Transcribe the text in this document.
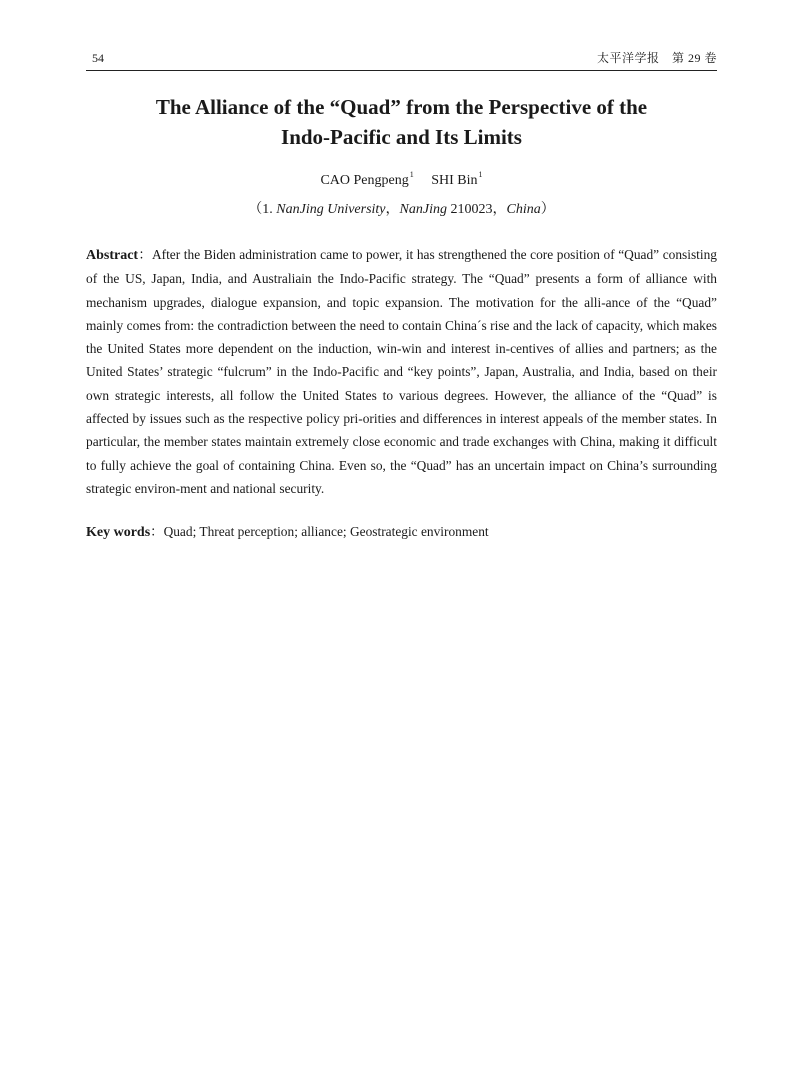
54	太平洋学报　第 29 卷
The Alliance of the “Quad” from the Perspective of the
Indo-Pacific and Its Limits
CAO Pengpeng$^1$ SHI Bin$^1$
（1. NanJing University，NanJing 210023，China）
Abstract：After the Biden administration came to power, it has strengthened the core position of “Quad” consisting of the US, Japan, India, and Australiain the Indo-Pacific strategy. The “Quad” presents a form of alliance with mechanism upgrades, dialogue expansion, and topic expansion. The motivation for the alli-ance of the “Quad” mainly comes from: the contradiction between the need to contain China´s rise and the lack of capacity, which makes the United States more dependent on the induction, win-win and interest in-centives of allies and partners; as the United States’ strategic “fulcrum” in the Indo-Pacific and “key points”, Japan, Australia, and India, based on their own strategic interests, all follow the United States to various degrees. However, the alliance of the “Quad” is affected by issues such as the respective policy pri-orities and differences in interest appeals of the member states. In particular, the member states maintain extremely close economic and trade exchanges with China, making it difficult to fully achieve the goal of containing China. Even so, the “Quad” has an uncertain impact on China’s surrounding strategic environ-ment and national security.
Key words：Quad; Threat perception; alliance; Geostrategic environment
